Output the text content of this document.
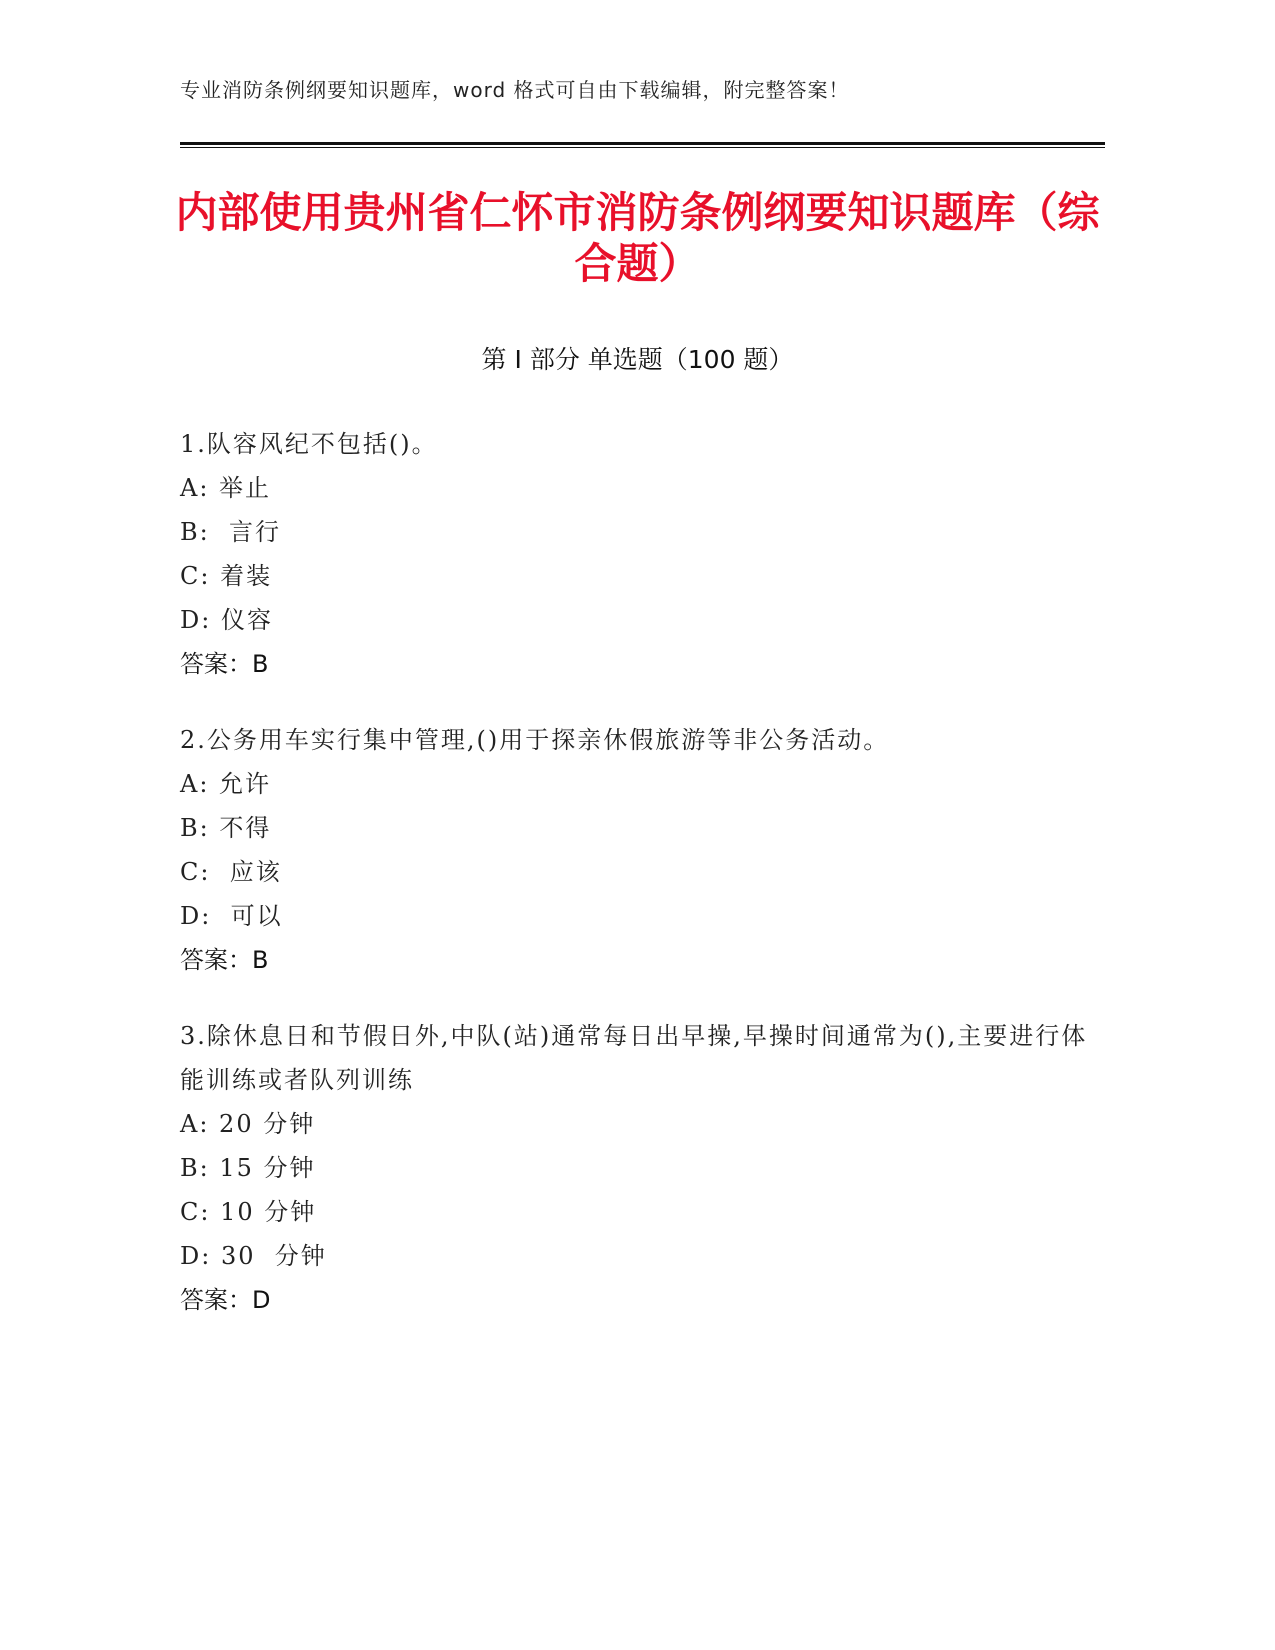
专业消防条例纲要知识题库，word 格式可自由下载编辑，附完整答案！
内部使用贵州省仁怀市消防条例纲要知识题库（综合题）
第 I 部分 单选题（100 题）
1.队容风纪不包括()。
A: 举止
B:  言行
C: 着装
D: 仪容
答案：B
2.公务用车实行集中管理,()用于探亲休假旅游等非公务活动。
A: 允许
B: 不得
C:  应该
D:  可以
答案：B
3.除休息日和节假日外,中队(站)通常每日出早操,早操时间通常为(),主要进行体能训练或者队列训练
A: 20 分钟
B: 15 分钟
C: 10 分钟
D: 30  分钟
答案：D
